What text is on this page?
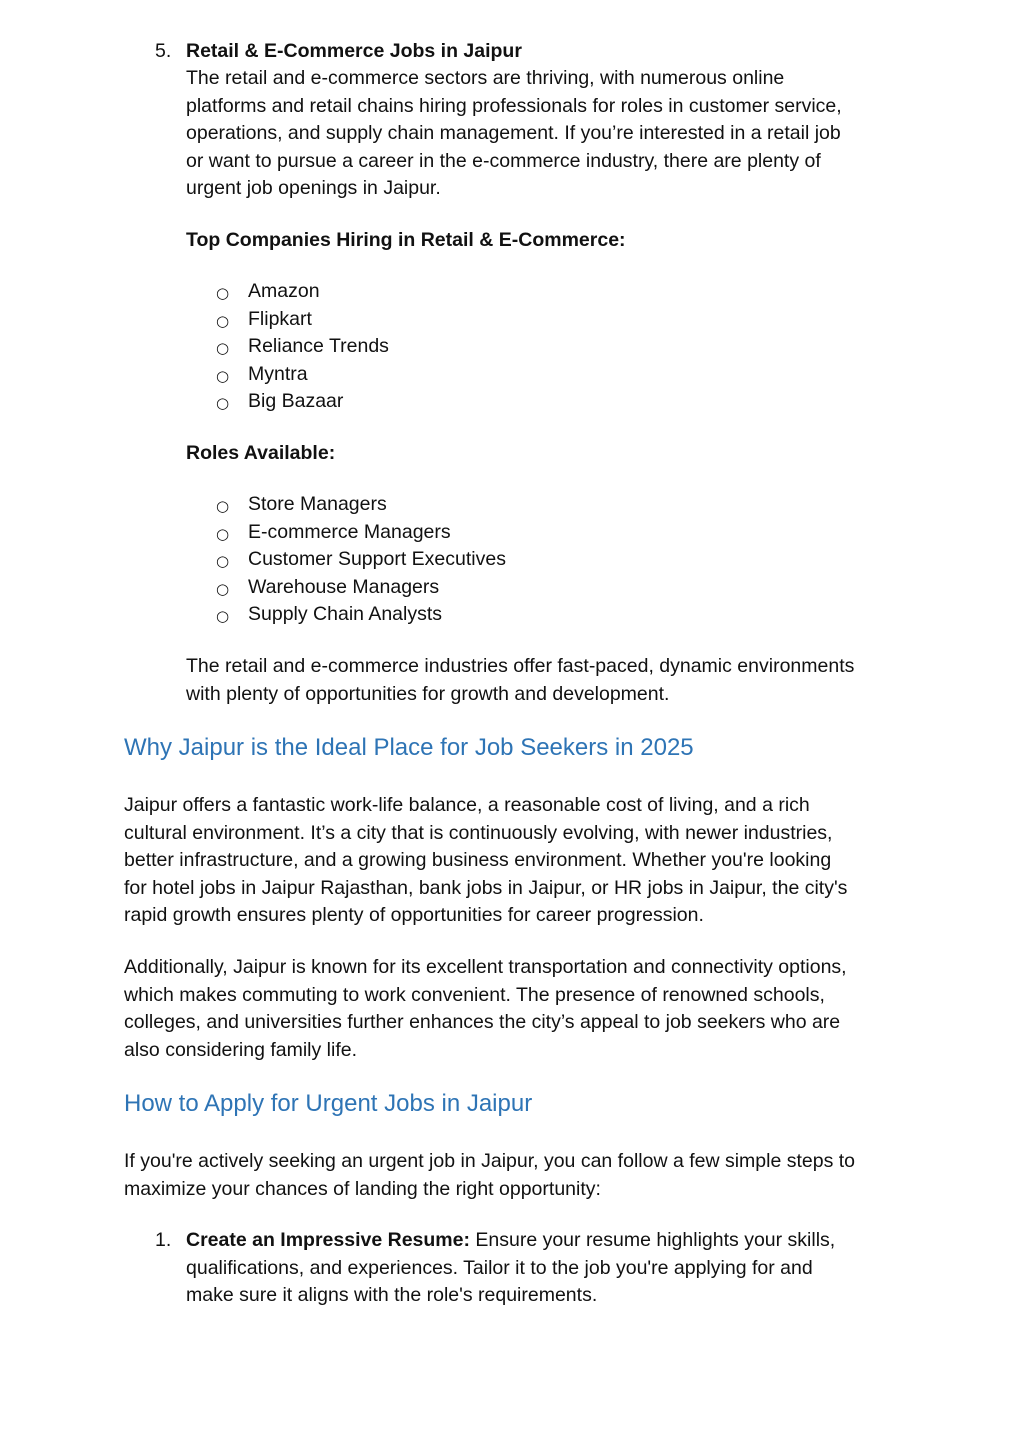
5. Retail & E-Commerce Jobs in Jaipur
The retail and e-commerce sectors are thriving, with numerous online
platforms and retail chains hiring professionals for roles in customer service,
operations, and supply chain management. If you’re interested in a retail job
or want to pursue a career in the e-commerce industry, there are plenty of
urgent job openings in Jaipur.
Top Companies Hiring in Retail & E-Commerce:
○ Amazon
○ Flipkart
○ Reliance Trends
○ Myntra
○ Big Bazaar
Roles Available:
○ Store Managers
○ E-commerce Managers
○ Customer Support Executives
○ Warehouse Managers
○ Supply Chain Analysts
The retail and e-commerce industries offer fast-paced, dynamic environments
with plenty of opportunities for growth and development.
Why Jaipur is the Ideal Place for Job Seekers in 2025
Jaipur offers a fantastic work-life balance, a reasonable cost of living, and a rich
cultural environment. It’s a city that is continuously evolving, with newer industries,
better infrastructure, and a growing business environment. Whether you're looking
for hotel jobs in Jaipur Rajasthan, bank jobs in Jaipur, or HR jobs in Jaipur, the city's
rapid growth ensures plenty of opportunities for career progression.
Additionally, Jaipur is known for its excellent transportation and connectivity options,
which makes commuting to work convenient. The presence of renowned schools,
colleges, and universities further enhances the city’s appeal to job seekers who are
also considering family life.
How to Apply for Urgent Jobs in Jaipur
If you're actively seeking an urgent job in Jaipur, you can follow a few simple steps to
maximize your chances of landing the right opportunity:
1. Create an Impressive Resume: Ensure your resume highlights your skills,
qualifications, and experiences. Tailor it to the job you're applying for and
make sure it aligns with the role's requirements.
